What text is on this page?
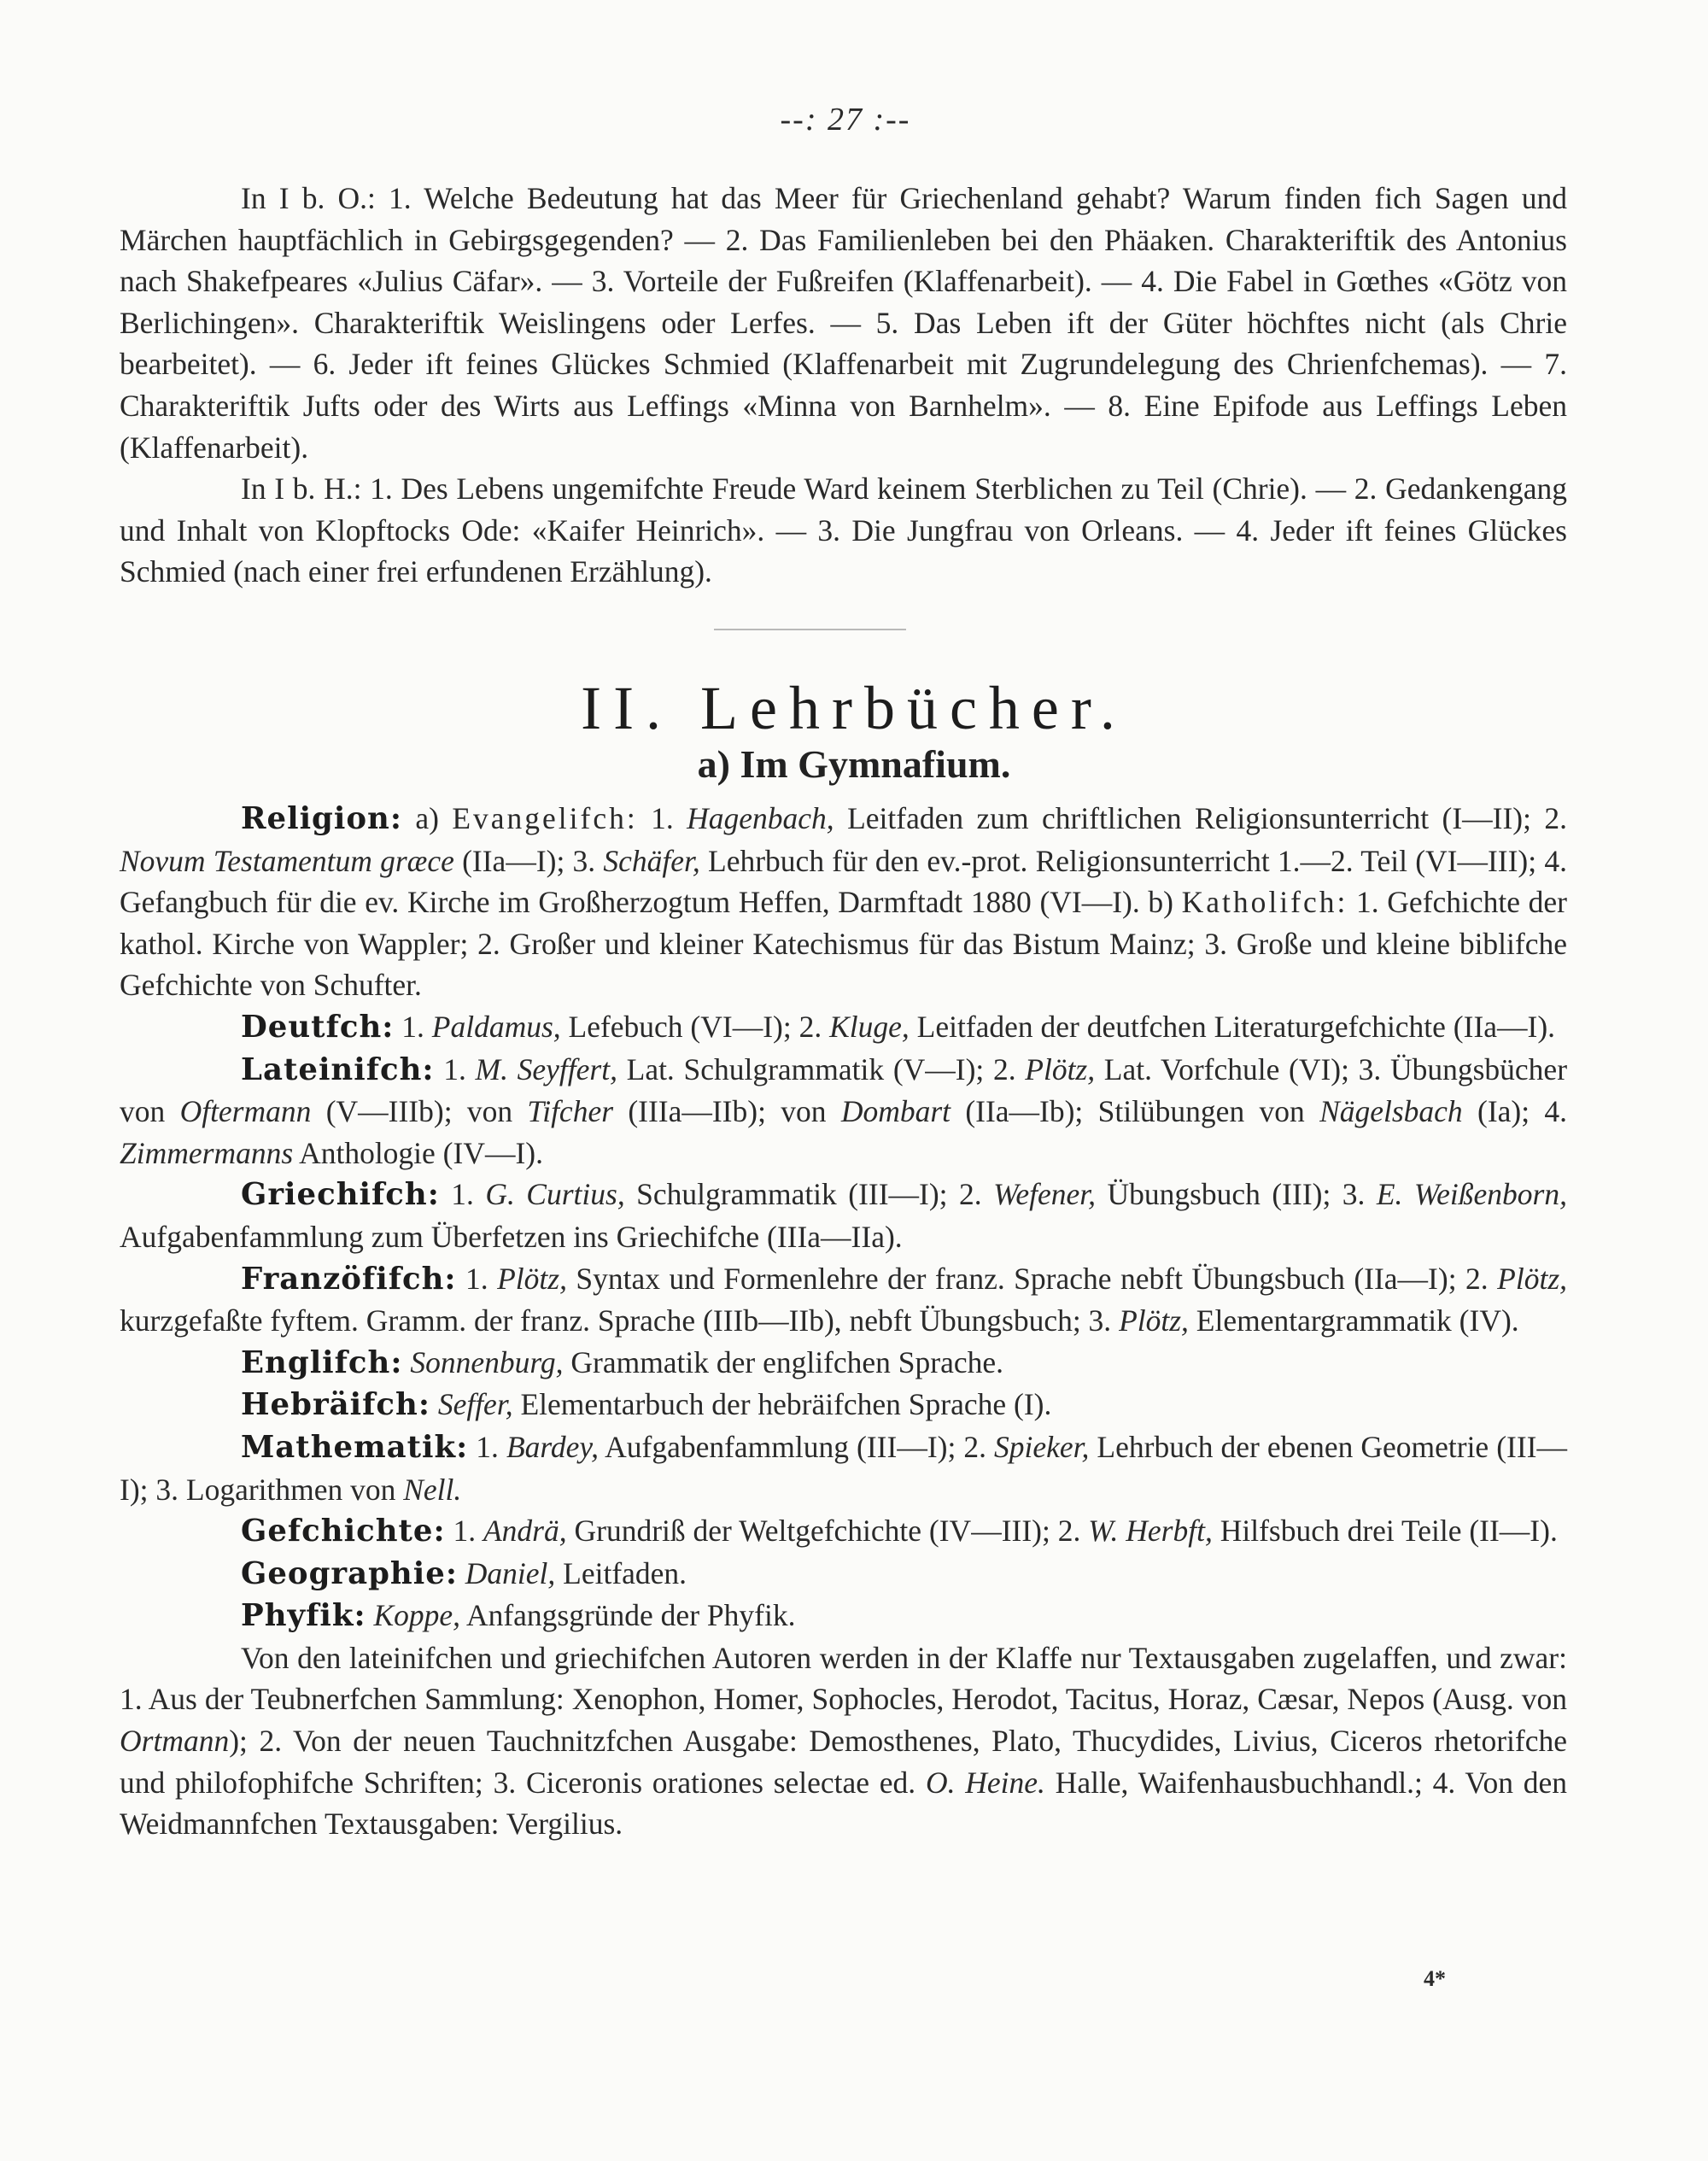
--: 27 :--

In I b. O.: 1. Welche Bedeutung hat das Meer für Griechenland gehabt? Warum finden fich Sagen und Märchen hauptfächlich in Gebirgsgegenden? — 2. Das Familienleben bei den Phäaken. Charakteriftik des Antonius nach Shakefpeares «Julius Cäfar». — 3. Vorteile der Fußreifen (Klaffenarbeit). — 4. Die Fabel in Gœthes «Götz von Berlichingen». Charakteriftik Weislingens oder Lerfes. — 5. Das Leben ift der Güter höchftes nicht (als Chrie bearbeitet). — 6. Jeder ift feines Glückes Schmied (Klaffenarbeit mit Zugrundelegung des Chrienfchemas). — 7. Charakteriftik Jufts oder des Wirts aus Leffings «Minna von Barnhelm». — 8. Eine Epifode aus Leffings Leben (Klaffenarbeit).

In I b. H.: 1. Des Lebens ungemifchte Freude Ward keinem Sterblichen zu Teil (Chrie). — 2. Gedankengang und Inhalt von Klopftocks Ode: «Kaifer Heinrich». — 3. Die Jungfrau von Orleans. — 4. Jeder ift feines Glückes Schmied (nach einer frei erfundenen Erzählung).

II. Lehrbücher.
a) Im Gymnafium.

Religion: a) Evangelifch: 1. Hagenbach, Leitfaden zum chriftlichen Religionsunterricht (I—II); 2. Novum Testamentum græce (IIa—I); 3. Schäfer, Lehrbuch für den ev.-prot. Religionsunterricht 1.—2. Teil (VI—III); 4. Gefangbuch für die ev. Kirche im Großherzogtum Heffen, Darmftadt 1880 (VI—I). b) Katholifch: 1. Gefchichte der kathol. Kirche von Wappler; 2. Großer und kleiner Katechismus für das Bistum Mainz; 3. Große und kleine biblifche Gefchichte von Schufter.

Deutfch: 1. Paldamus, Lefebuch (VI—I); 2. Kluge, Leitfaden der deutfchen Literaturgefchichte (IIa—I).

Lateinifch: 1. M. Seyffert, Lat. Schulgrammatik (V—I); 2. Plötz, Lat. Vorfchule (VI); 3. Übungsbücher von Oftermann (V—IIIb); von Tifcher (IIIa—IIb); von Dombart (IIa—Ib); Stilübungen von Nägelsbach (Ia); 4. Zimmermanns Anthologie (IV—I).

Griechifch: 1. G. Curtius, Schulgrammatik (III—I); 2. Wefener, Übungsbuch (III); 3. E. Weißenborn, Aufgabenfammlung zum Überfetzen ins Griechifche (IIIa—IIa).

Franzöfifch: 1. Plötz, Syntax und Formenlehre der franz. Sprache nebft Übungsbuch (IIa—I); 2. Plötz, kurzgefaßte fyftem. Gramm. der franz. Sprache (IIIb—IIb), nebft Übungsbuch; 3. Plötz, Elementargrammatik (IV).

Englifch: Sonnenburg, Grammatik der englifchen Sprache.

Hebräifch: Seffer, Elementarbuch der hebräifchen Sprache (I).

Mathematik: 1. Bardey, Aufgabenfammlung (III—I); 2. Spieker, Lehrbuch der ebenen Geometrie (III—I); 3. Logarithmen von Nell.

Gefchichte: 1. Andrä, Grundriß der Weltgefchichte (IV—III); 2. W. Herbft, Hilfsbuch drei Teile (II—I).

Geographie: Daniel, Leitfaden.

Phyfik: Koppe, Anfangsgründe der Phyfik.

Von den lateinifchen und griechifchen Autoren werden in der Klaffe nur Textausgaben zugelaffen, und zwar: 1. Aus der Teubnerfchen Sammlung: Xenophon, Homer, Sophocles, Herodot, Tacitus, Horaz, Cæsar, Nepos (Ausg. von Ortmann); 2. Von der neuen Tauchnitzfchen Ausgabe: Demosthenes, Plato, Thucydides, Livius, Ciceros rhetorifche und philofophifche Schriften; 3. Ciceronis orationes selectae ed. O. Heine. Halle, Waifenhausbuchhandl.; 4. Von den Weidmannfchen Textausgaben: Vergilius.

4*
